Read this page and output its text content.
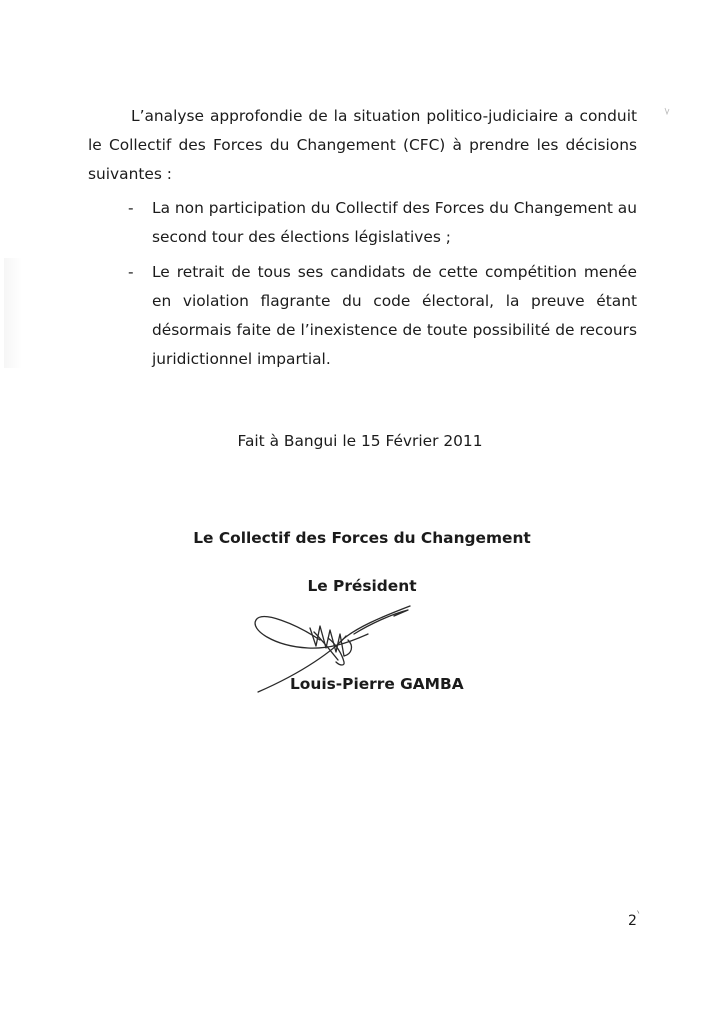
L’analyse approfondie de la situation politico-judiciaire a conduit le Collectif des Forces du Changement (CFC) à prendre les décisions suivantes :

- La non participation du Collectif des Forces du Changement au second tour des élections législatives ;
- Le retrait de tous ses candidats de cette compétition menée en violation flagrante du code électoral, la preuve étant désormais faite de l’inexistence de toute possibilité de recours juridictionnel impartial.

Fait à Bangui le 15 Février 2011

Le Collectif des Forces du Changement

Le Président

Louis-Pierre GAMBA

2
